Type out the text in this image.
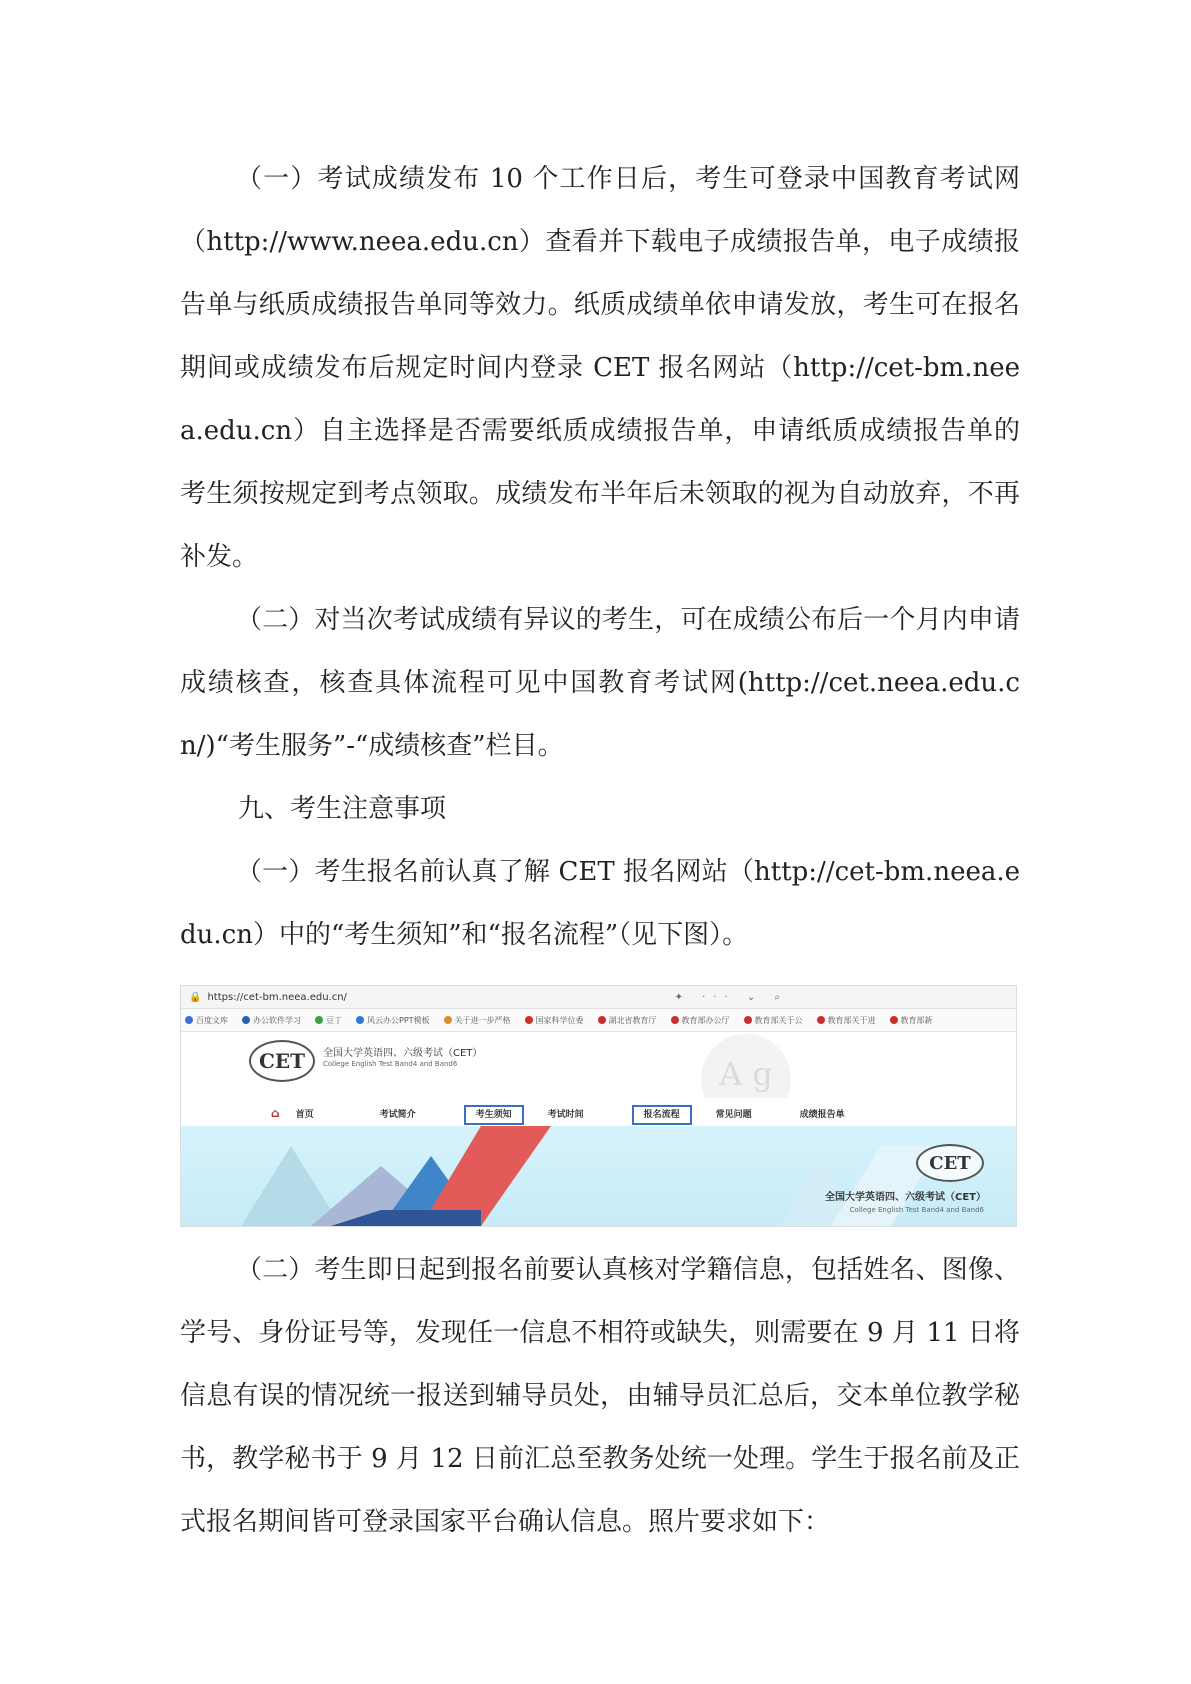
（一）考试成绩发布 10 个工作日后，考生可登录中国教育考试网（http://www.neea.edu.cn）查看并下载电子成绩报告单，电子成绩报告单与纸质成绩报告单同等效力。纸质成绩单依申请发放，考生可在报名期间或成绩发布后规定时间内登录 CET 报名网站（http://cet-bm.neea.edu.cn）自主选择是否需要纸质成绩报告单，申请纸质成绩报告单的考生须按规定到考点领取。成绩发布半年后未领取的视为自动放弃，不再补发。

（二）对当次考试成绩有异议的考生，可在成绩公布后一个月内申请成绩核查，核查具体流程可见中国教育考试网(http://cet.neea.edu.cn/)“考生服务”-“成绩核查”栏目。

九、考生注意事项

（一）考生报名前认真了解 CET 报名网站（http://cet-bm.neea.edu.cn）中的“考生须知”和“报名流程”（见下图）。

🔒 https://cet-bm.neea.edu.cn/	✦ ··· ⌄ ⌕
百度文库	办公软件学习	豆丁	风云办公PPT模板	关于进一步严格	国家科学位委	湖北省教育厅	教育部办公厅	教育部关于公	教育部关于进	教育部新
CET	全国大学英语四、六级考试（CET）
College English Test Band4 and Band6	A g
⌂ 首页	考试简介	考生须知	考试时间	报名流程	常见问题	成绩报告单
CET
全国大学英语四、六级考试（CET）
College English Test Band4 and Band6

（二）考生即日起到报名前要认真核对学籍信息，包括姓名、图像、学号、身份证号等，发现任一信息不相符或缺失，则需要在 9 月 11 日将信息有误的情况统一报送到辅导员处，由辅导员汇总后，交本单位教学秘书，教学秘书于 9 月 12 日前汇总至教务处统一处理。学生于报名前及正式报名期间皆可登录国家平台确认信息。照片要求如下：
